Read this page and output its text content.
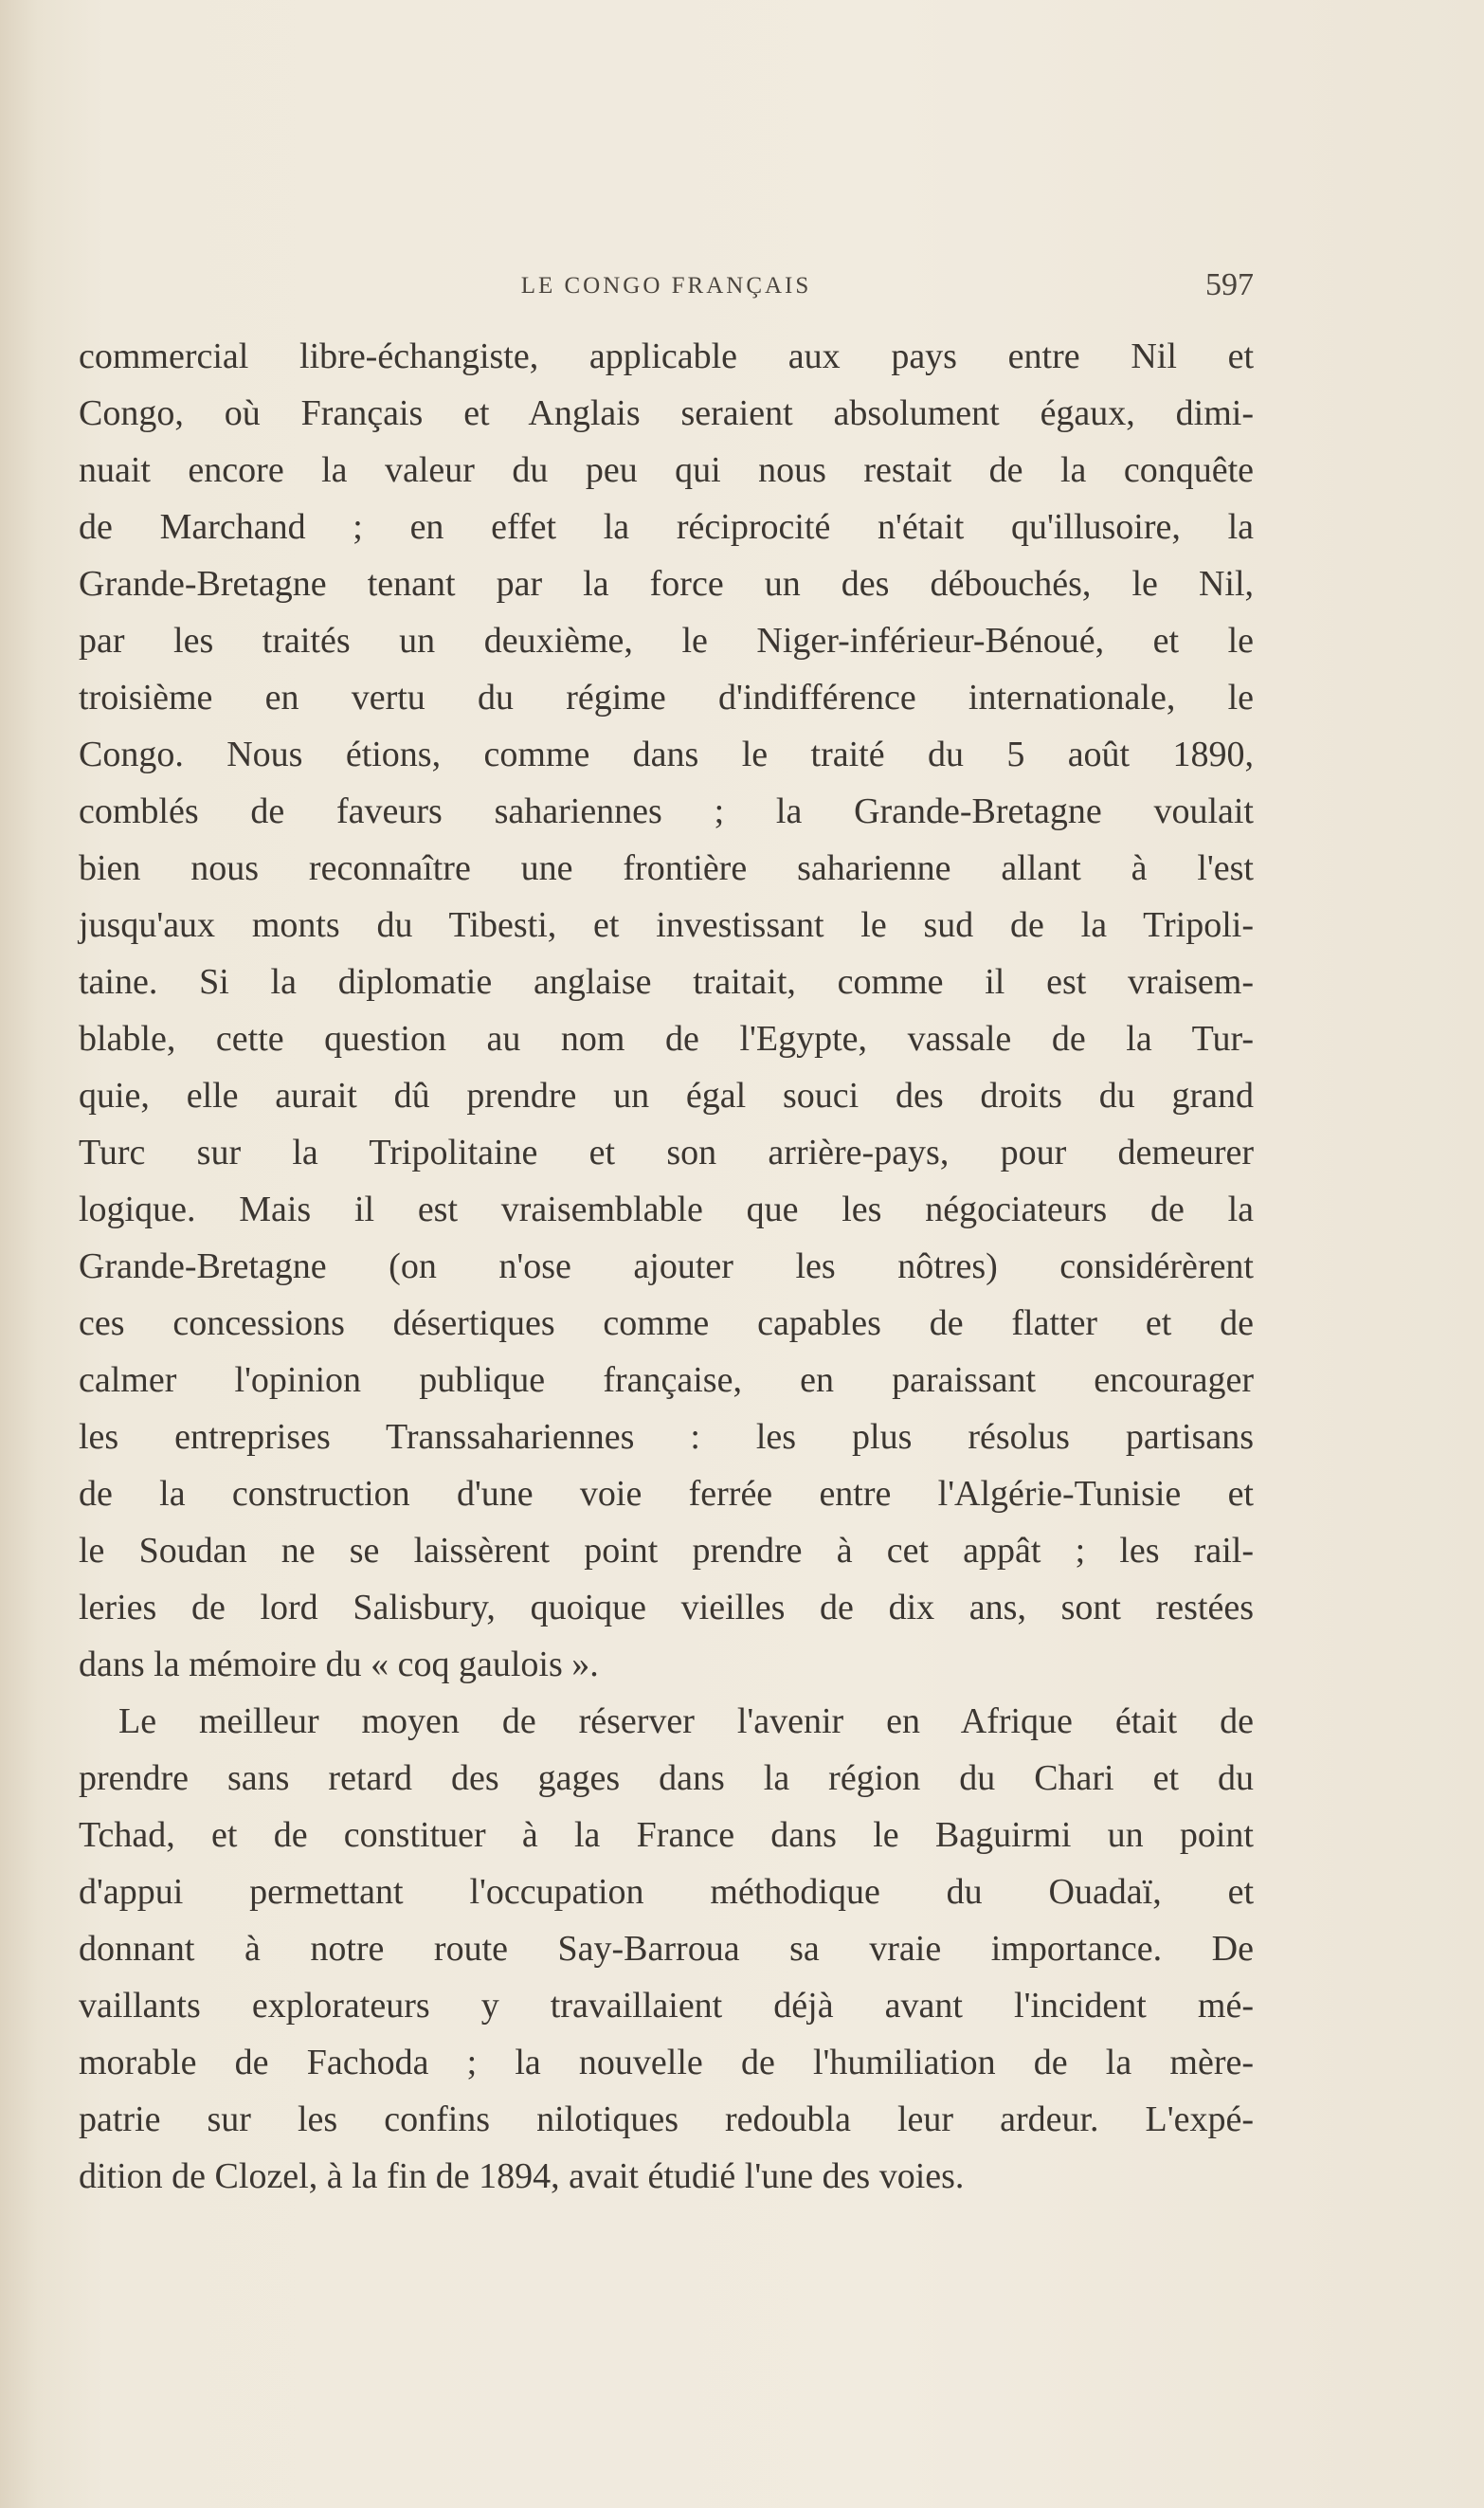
LE CONGO FRANÇAIS	597
commercial libre-échangiste, applicable aux pays entre Nil et
Congo, où Français et Anglais seraient absolument égaux, dimi-
nuait encore la valeur du peu qui nous restait de la conquête
de Marchand ; en effet la réciprocité n'était qu'illusoire, la
Grande-Bretagne tenant par la force un des débouchés, le Nil,
par les traités un deuxième, le Niger-inférieur-Bénoué, et le
troisième en vertu du régime d'indifférence internationale, le
Congo. Nous étions, comme dans le traité du 5 août 1890,
comblés de faveurs sahariennes ; la Grande-Bretagne voulait
bien nous reconnaître une frontière saharienne allant à l'est
jusqu'aux monts du Tibesti, et investissant le sud de la Tripoli-
taine. Si la diplomatie anglaise traitait, comme il est vraisem-
blable, cette question au nom de l'Egypte, vassale de la Tur-
quie, elle aurait dû prendre un égal souci des droits du grand
Turc sur la Tripolitaine et son arrière-pays, pour demeurer
logique. Mais il est vraisemblable que les négociateurs de la
Grande-Bretagne (on n'ose ajouter les nôtres) considérèrent
ces concessions désertiques comme capables de flatter et de
calmer l'opinion publique française, en paraissant encourager
les entreprises Transsahariennes : les plus résolus partisans
de la construction d'une voie ferrée entre l'Algérie-Tunisie et
le Soudan ne se laissèrent point prendre à cet appât ; les rail-
leries de lord Salisbury, quoique vieilles de dix ans, sont restées
dans la mémoire du « coq gaulois ».
Le meilleur moyen de réserver l'avenir en Afrique était de
prendre sans retard des gages dans la région du Chari et du
Tchad, et de constituer à la France dans le Baguirmi un point
d'appui permettant l'occupation méthodique du Ouadaï, et
donnant à notre route Say-Barroua sa vraie importance. De
vaillants explorateurs y travaillaient déjà avant l'incident mé-
morable de Fachoda ; la nouvelle de l'humiliation de la mère-
patrie sur les confins nilotiques redoubla leur ardeur. L'expé-
dition de Clozel, à la fin de 1894, avait étudié l'une des voies.
